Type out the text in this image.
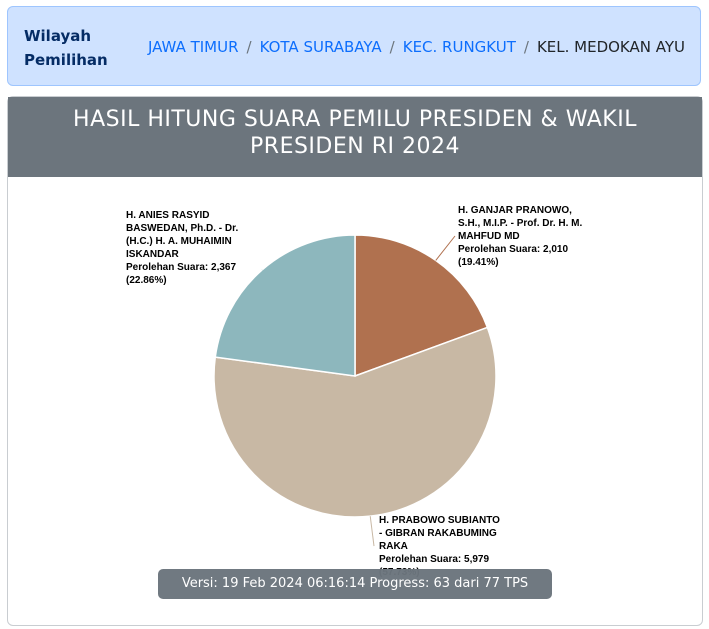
Wilayah Pemilihan
JAWA TIMUR / KOTA SURABAYA / KEC. RUNGKUT / KEL. MEDOKAN AYU
HASIL HITUNG SUARA PEMILU PRESIDEN & WAKIL PRESIDEN RI 2024
H. GANJAR PRANOWO, S.H., M.I.P. - Prof. Dr. H. M. MAHFUD MD Perolehan Suara: 2,010 (19.41%)
H. PRABOWO SUBIANTO - GIBRAN RAKABUMING RAKA Perolehan Suara: 5,979
H. ANIES RASYID BASWEDAN, Ph.D. - Dr. (H.C.) H. A. MUHAIMIN ISKANDAR Perolehan Suara: 2,367 (22.86%)
Versi: 19 Feb 2024 06:16:14 Progress: 63 dari 77 TPS (81.82%)
